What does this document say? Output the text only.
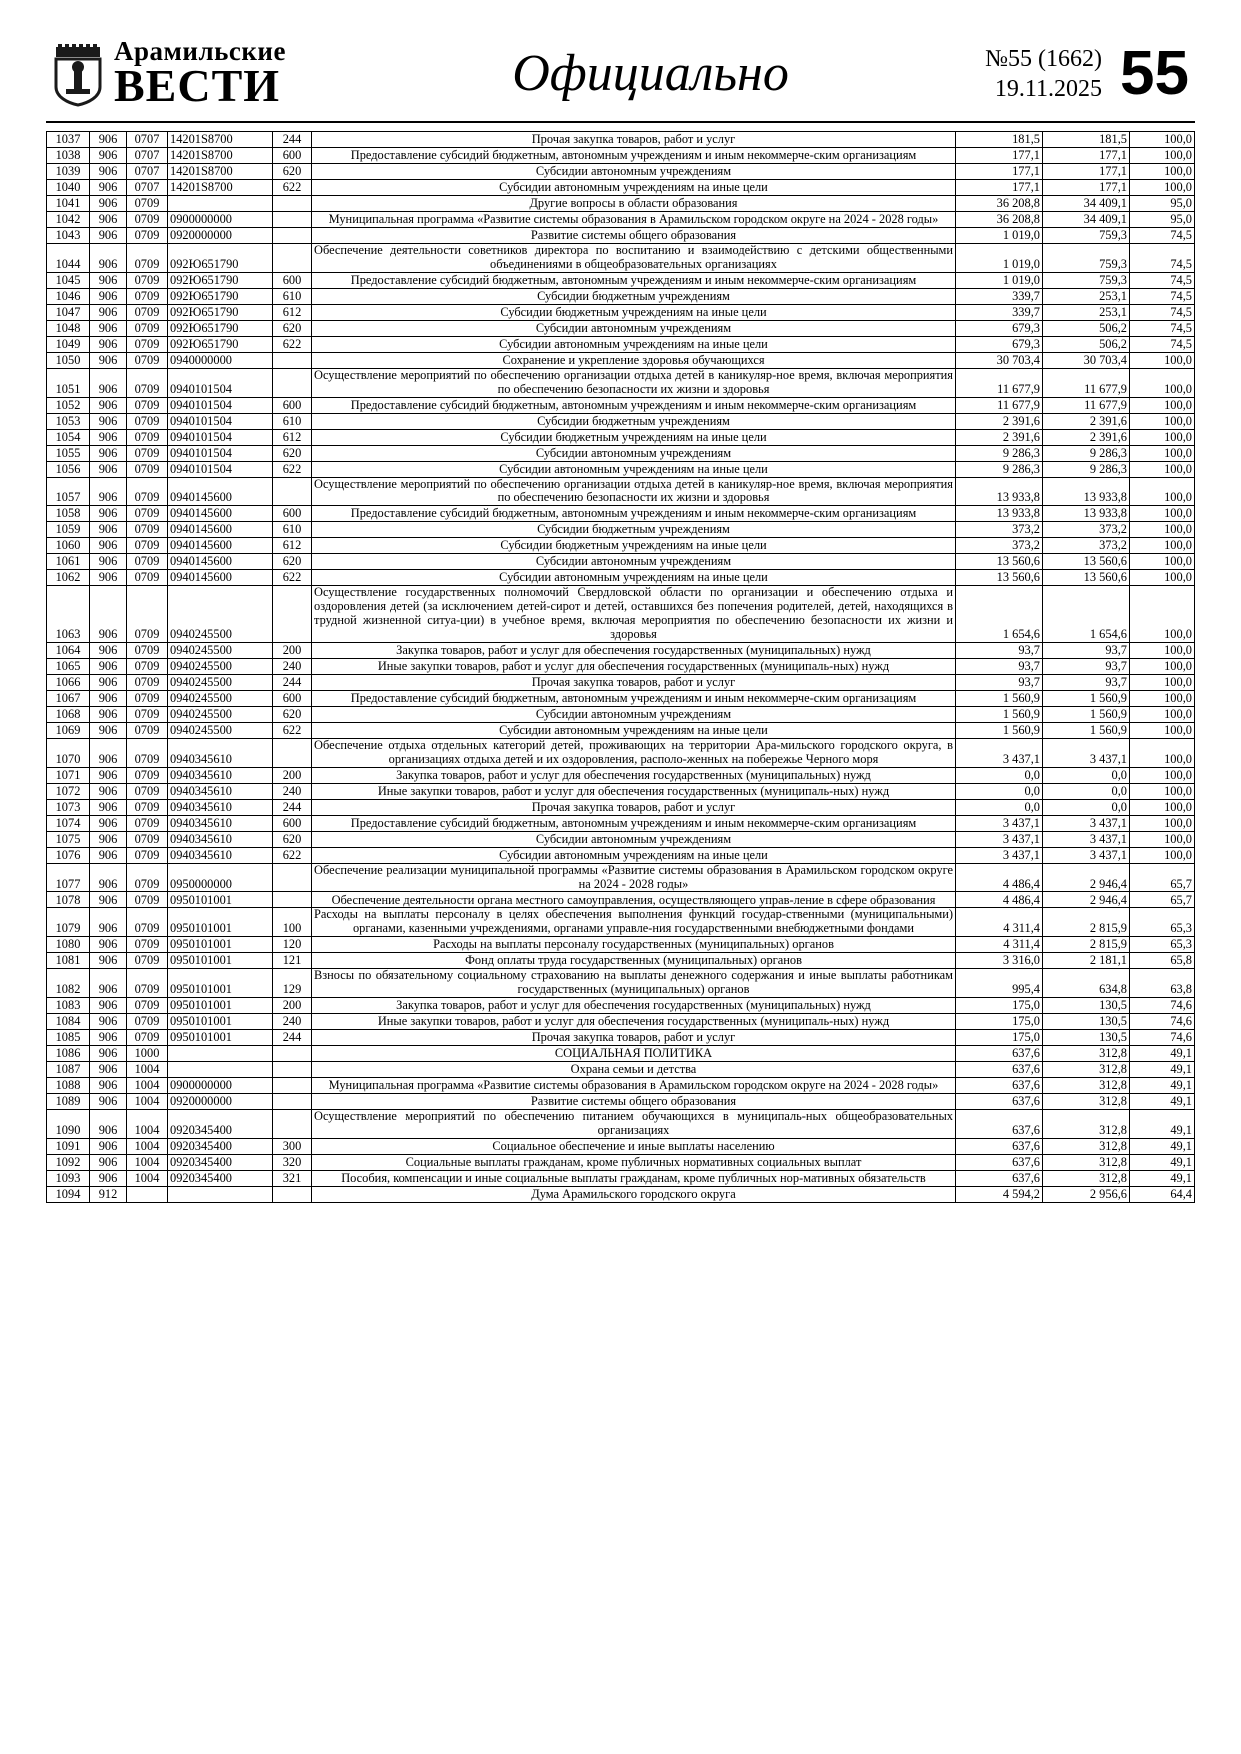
Арамильские
ВЕСТИ	Официально	№55 (1662)
19.11.2025 55
1037	906	0707	14201S8700	244	Прочая закупка товаров, работ и услуг	181,5	181,5	100,0
1038	906	0707	14201S8700	600	Предоставление субсидий бюджетным, автономным учреждениям и иным некоммерче-ским организациям	177,1	177,1	100,0
1039	906	0707	14201S8700	620	Субсидии автономным учреждениям	177,1	177,1	100,0
1040	906	0707	14201S8700	622	Субсидии автономным учреждениям на иные цели	177,1	177,1	100,0
1041	906	0709			Другие вопросы в области образования	36 208,8	34 409,1	95,0
1042	906	0709	0900000000		Муниципальная программа «Развитие системы образования в Арамильском городском округе на 2024 - 2028 годы»	36 208,8	34 409,1	95,0
1043	906	0709	0920000000		Развитие системы общего образования	1 019,0	759,3	74,5
1044	906	0709	092Ю651790		Обеспечение деятельности советников директора по воспитанию и взаимодействию с детскими общественными объединениями в общеобразовательных организациях	1 019,0	759,3	74,5
1045	906	0709	092Ю651790	600	Предоставление субсидий бюджетным, автономным учреждениям и иным некоммерче-ским организациям	1 019,0	759,3	74,5
1046	906	0709	092Ю651790	610	Субсидии бюджетным учреждениям	339,7	253,1	74,5
1047	906	0709	092Ю651790	612	Субсидии бюджетным учреждениям на иные цели	339,7	253,1	74,5
1048	906	0709	092Ю651790	620	Субсидии автономным учреждениям	679,3	506,2	74,5
1049	906	0709	092Ю651790	622	Субсидии автономным учреждениям на иные цели	679,3	506,2	74,5
1050	906	0709	0940000000		Сохранение и укрепление здоровья обучающихся	30 703,4	30 703,4	100,0
1051	906	0709	0940101504		Осуществление мероприятий по обеспечению организации отдыха детей в каникуляр-ное время, включая мероприятия по обеспечению безопасности их жизни и здоровья	11 677,9	11 677,9	100,0
1052	906	0709	0940101504	600	Предоставление субсидий бюджетным, автономным учреждениям и иным некоммерче-ским организациям	11 677,9	11 677,9	100,0
1053	906	0709	0940101504	610	Субсидии бюджетным учреждениям	2 391,6	2 391,6	100,0
1054	906	0709	0940101504	612	Субсидии бюджетным учреждениям на иные цели	2 391,6	2 391,6	100,0
1055	906	0709	0940101504	620	Субсидии автономным учреждениям	9 286,3	9 286,3	100,0
1056	906	0709	0940101504	622	Субсидии автономным учреждениям на иные цели	9 286,3	9 286,3	100,0
1057	906	0709	0940145600		Осуществление мероприятий по обеспечению организации отдыха детей в каникуляр-ное время, включая мероприятия по обеспечению безопасности их жизни и здоровья	13 933,8	13 933,8	100,0
1058	906	0709	0940145600	600	Предоставление субсидий бюджетным, автономным учреждениям и иным некоммерче-ским организациям	13 933,8	13 933,8	100,0
1059	906	0709	0940145600	610	Субсидии бюджетным учреждениям	373,2	373,2	100,0
1060	906	0709	0940145600	612	Субсидии бюджетным учреждениям на иные цели	373,2	373,2	100,0
1061	906	0709	0940145600	620	Субсидии автономным учреждениям	13 560,6	13 560,6	100,0
1062	906	0709	0940145600	622	Субсидии автономным учреждениям на иные цели	13 560,6	13 560,6	100,0
1063	906	0709	0940245500		Осуществление государственных полномочий Свердловской области по организации и обеспечению отдыха и оздоровления детей (за исключением детей-сирот и детей, оставшихся без попечения родителей, детей, находящихся в трудной жизненной ситуа-ции) в учебное время, включая мероприятия по обеспечению безопасности их жизни и здоровья	1 654,6	1 654,6	100,0
1064	906	0709	0940245500	200	Закупка товаров, работ и услуг для обеспечения государственных (муниципальных) нужд	93,7	93,7	100,0
1065	906	0709	0940245500	240	Иные закупки товаров, работ и услуг для обеспечения государственных (муниципаль-ных) нужд	93,7	93,7	100,0
1066	906	0709	0940245500	244	Прочая закупка товаров, работ и услуг	93,7	93,7	100,0
1067	906	0709	0940245500	600	Предоставление субсидий бюджетным, автономным учреждениям и иным некоммерче-ским организациям	1 560,9	1 560,9	100,0
1068	906	0709	0940245500	620	Субсидии автономным учреждениям	1 560,9	1 560,9	100,0
1069	906	0709	0940245500	622	Субсидии автономным учреждениям на иные цели	1 560,9	1 560,9	100,0
1070	906	0709	0940345610		Обеспечение отдыха отдельных категорий детей, проживающих на территории Ара-мильского городского округа, в организациях отдыха детей и их оздоровления, располо-женных на побережье Черного моря	3 437,1	3 437,1	100,0
1071	906	0709	0940345610	200	Закупка товаров, работ и услуг для обеспечения государственных (муниципальных) нужд	0,0	0,0	100,0
1072	906	0709	0940345610	240	Иные закупки товаров, работ и услуг для обеспечения государственных (муниципаль-ных) нужд	0,0	0,0	100,0
1073	906	0709	0940345610	244	Прочая закупка товаров, работ и услуг	0,0	0,0	100,0
1074	906	0709	0940345610	600	Предоставление субсидий бюджетным, автономным учреждениям и иным некоммерче-ским организациям	3 437,1	3 437,1	100,0
1075	906	0709	0940345610	620	Субсидии автономным учреждениям	3 437,1	3 437,1	100,0
1076	906	0709	0940345610	622	Субсидии автономным учреждениям на иные цели	3 437,1	3 437,1	100,0
1077	906	0709	0950000000		Обеспечение реализации муниципальной программы «Развитие системы образования в Арамильском городском округе на 2024 - 2028 годы»	4 486,4	2 946,4	65,7
1078	906	0709	0950101001		Обеспечение деятельности органа местного самоуправления, осуществляющего управ-ление в сфере образования	4 486,4	2 946,4	65,7
1079	906	0709	0950101001	100	Расходы на выплаты персоналу в целях обеспечения выполнения функций государ-ственными (муниципальными) органами, казенными учреждениями, органами управле-ния государственными внебюджетными фондами	4 311,4	2 815,9	65,3
1080	906	0709	0950101001	120	Расходы на выплаты персоналу государственных (муниципальных) органов	4 311,4	2 815,9	65,3
1081	906	0709	0950101001	121	Фонд оплаты труда государственных (муниципальных) органов	3 316,0	2 181,1	65,8
1082	906	0709	0950101001	129	Взносы по обязательному социальному страхованию на выплаты денежного содержания и иные выплаты работникам государственных (муниципальных) органов	995,4	634,8	63,8
1083	906	0709	0950101001	200	Закупка товаров, работ и услуг для обеспечения государственных (муниципальных) нужд	175,0	130,5	74,6
1084	906	0709	0950101001	240	Иные закупки товаров, работ и услуг для обеспечения государственных (муниципаль-ных) нужд	175,0	130,5	74,6
1085	906	0709	0950101001	244	Прочая закупка товаров, работ и услуг	175,0	130,5	74,6
1086	906	1000			СОЦИАЛЬНАЯ ПОЛИТИКА	637,6	312,8	49,1
1087	906	1004			Охрана семьи и детства	637,6	312,8	49,1
1088	906	1004	0900000000		Муниципальная программа «Развитие системы образования в Арамильском городском округе на 2024 - 2028 годы»	637,6	312,8	49,1
1089	906	1004	0920000000		Развитие системы общего образования	637,6	312,8	49,1
1090	906	1004	0920345400		Осуществление мероприятий по обеспечению питанием обучающихся в муниципаль-ных общеобразовательных организациях	637,6	312,8	49,1
1091	906	1004	0920345400	300	Социальное обеспечение и иные выплаты населению	637,6	312,8	49,1
1092	906	1004	0920345400	320	Социальные выплаты гражданам, кроме публичных нормативных социальных выплат	637,6	312,8	49,1
1093	906	1004	0920345400	321	Пособия, компенсации и иные социальные выплаты гражданам, кроме публичных нор-мативных обязательств	637,6	312,8	49,1
1094	912				Дума Арамильского городского округа	4 594,2	2 956,6	64,4
